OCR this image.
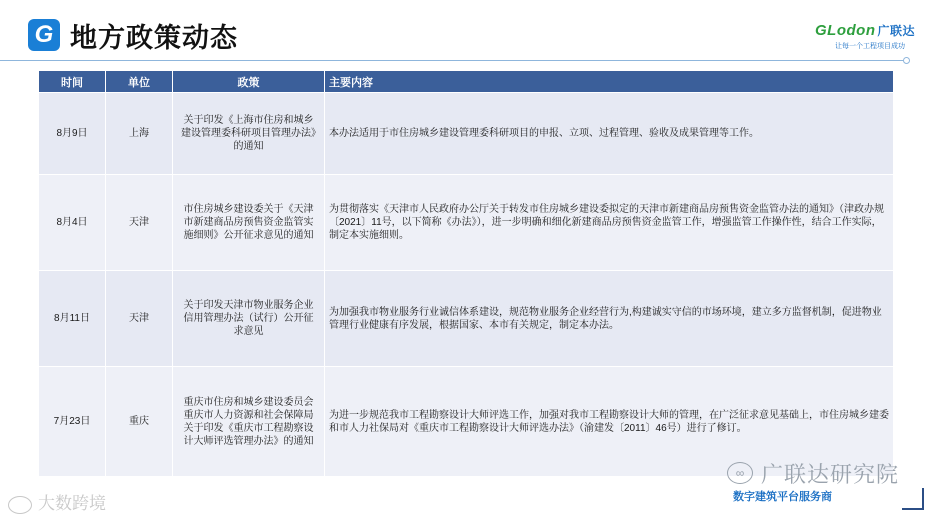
G 地方政策动态	GLodon 广联达
让每一个工程项目成功
时间	单位	政策	主要内容
8月9日	上海	关于印发《上海市住房和城乡建设管理委科研项目管理办法》的通知	本办法适用于市住房城乡建设管理委科研项目的申报、立项、过程管理、验收及成果管理等工作。
8月4日	天津	市住房城乡建设委关于《天津市新建商品房预售资金监管实施细则》公开征求意见的通知	为贯彻落实《天津市人民政府办公厅关于转发市住房城乡建设委拟定的天津市新建商品房预售资金监管办法的通知》（津政办规〔2021〕11号，以下简称《办法》），进一步明确和细化新建商品房预售资金监管工作，增强监管工作操作性，结合工作实际，制定本实施细则。
8月11日	天津	关于印发天津市物业服务企业信用管理办法（试行）公开征求意见	为加强我市物业服务行业诚信体系建设，规范物业服务企业经营行为,构建诚实守信的市场环境，建立多方监督机制，促进物业管理行业健康有序发展，根据国家、本市有关规定，制定本办法。
7月23日	重庆	重庆市住房和城乡建设委员会 重庆市人力资源和社会保障局关于印发《重庆市工程勘察设计大师评选管理办法》的通知	为进一步规范我市工程勘察设计大师评选工作，加强对我市工程勘察设计大师的管理，在广泛征求意见基础上，市住房城乡建委和市人力社保局对《重庆市工程勘察设计大师评选办法》（渝建发〔2011〕46号）进行了修订。
∞ 广联达研究院
数字建筑平台服务商
大数跨境
